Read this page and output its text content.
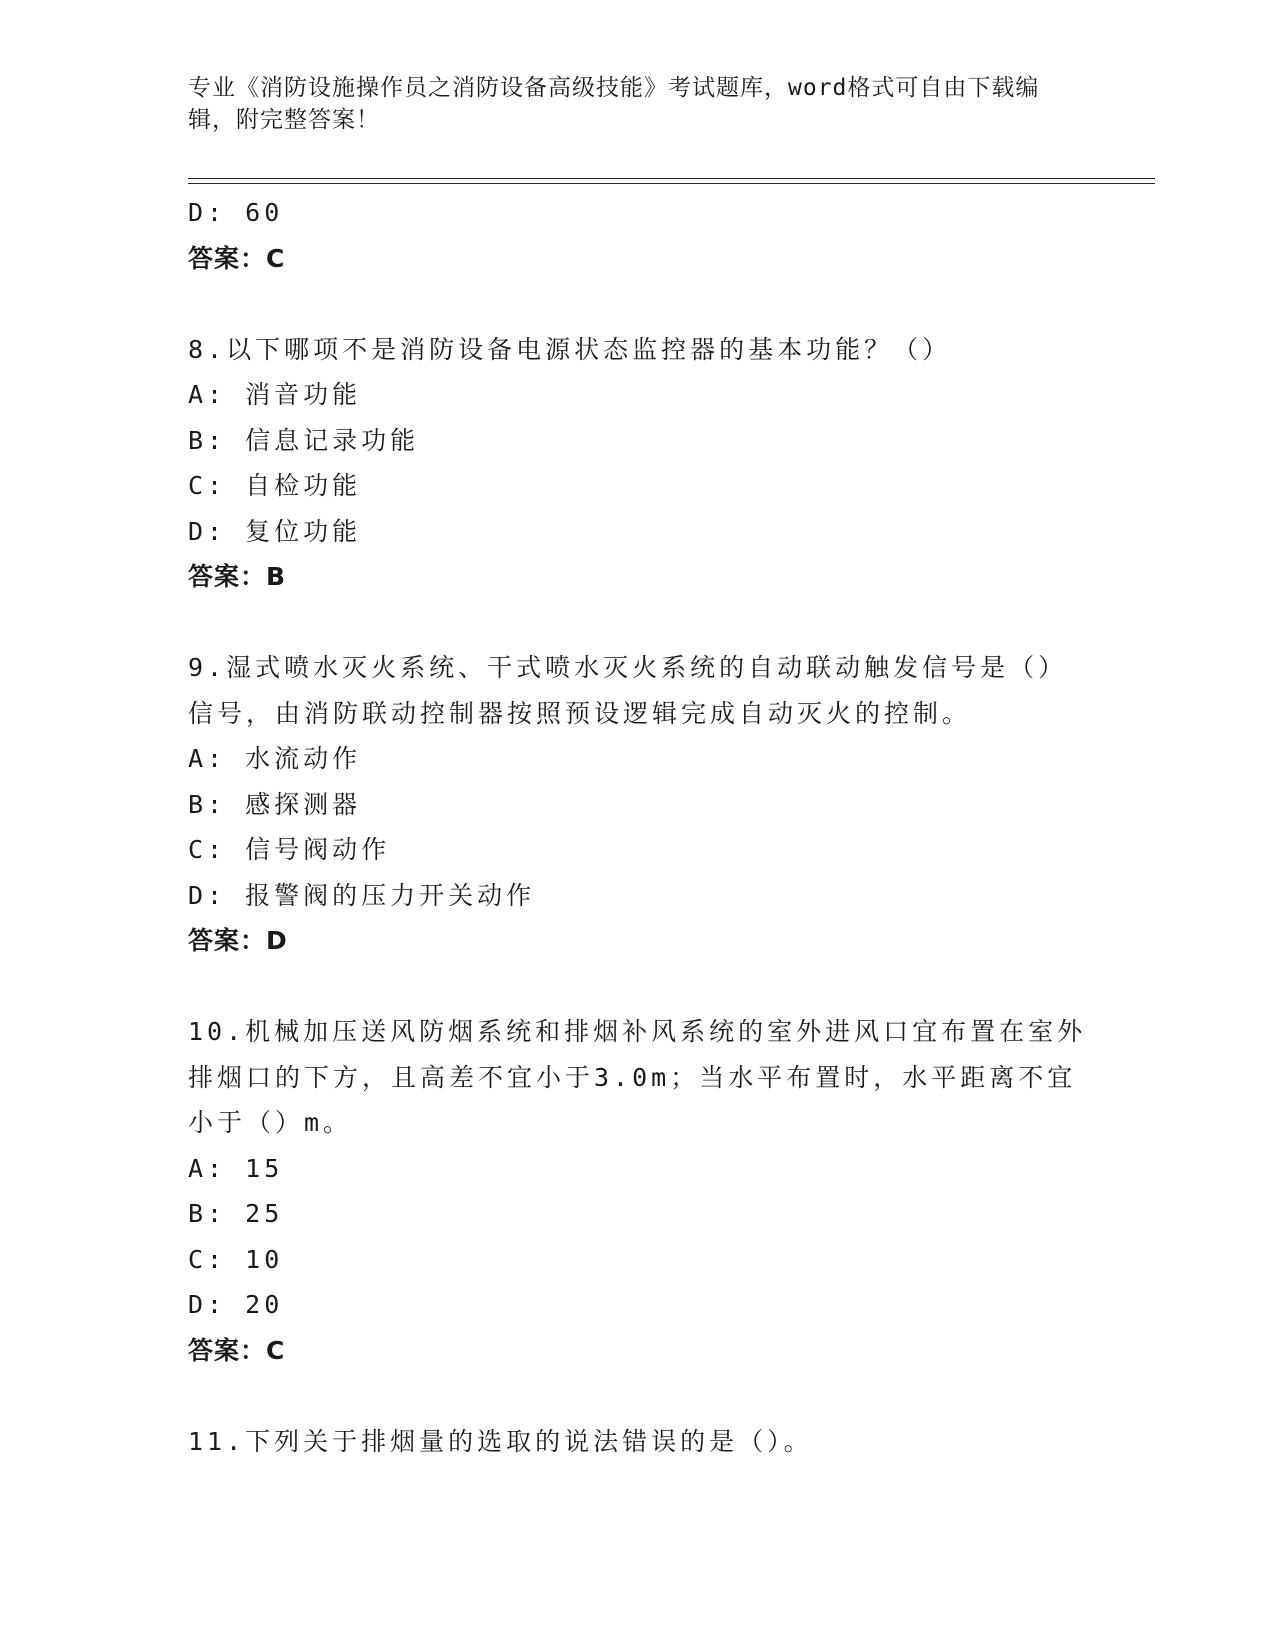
专业《消防设施操作员之消防设备高级技能》考试题库，word格式可自由下载编
辑，附完整答案！
D: 60
答案：C
8.以下哪项不是消防设备电源状态监控器的基本功能？（）
A: 消音功能
B: 信息记录功能
C: 自检功能
D: 复位功能
答案：B
9.湿式喷水灭火系统、干式喷水灭火系统的自动联动触发信号是（）
信号，由消防联动控制器按照预设逻辑完成自动灭火的控制。
A: 水流动作
B: 感探测器
C: 信号阀动作
D: 报警阀的压力开关动作
答案：D
10.机械加压送风防烟系统和排烟补风系统的室外进风口宜布置在室外
排烟口的下方，且高差不宜小于3.0m；当水平布置时，水平距离不宜
小于（）m。
A: 15
B: 25
C: 10
D: 20
答案：C
11.下列关于排烟量的选取的说法错误的是（）。
